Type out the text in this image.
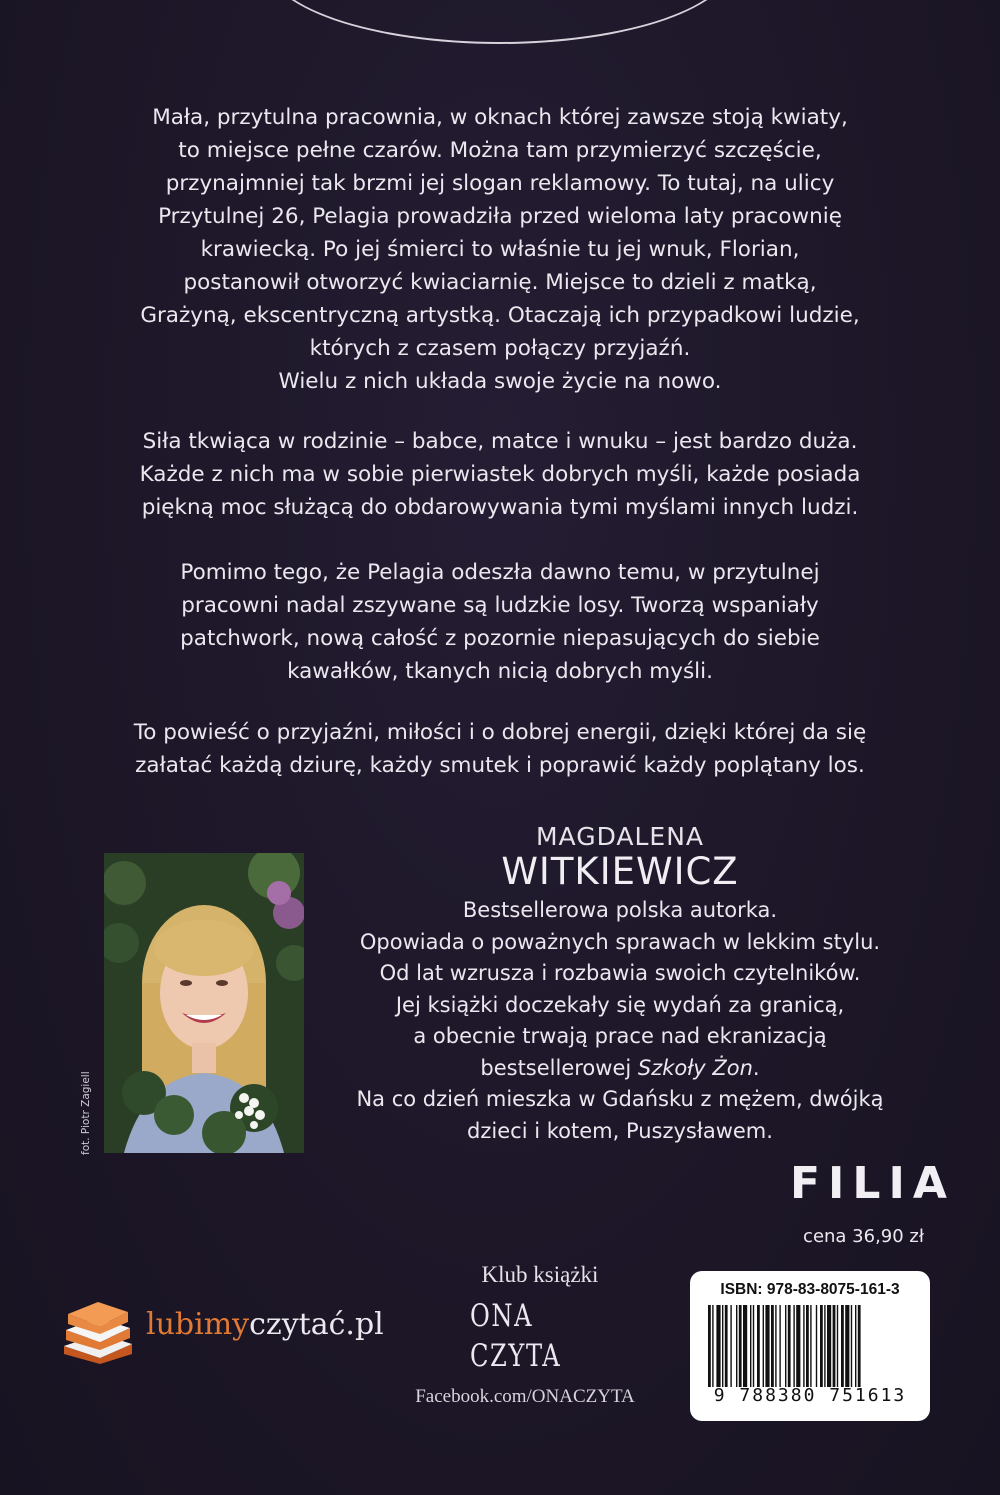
Mała, przytulna pracownia, w oknach której zawsze stoją kwiaty,
to miejsce pełne czarów. Można tam przymierzyć szczęście,
przynajmniej tak brzmi jej slogan reklamowy. To tutaj, na ulicy
Przytulnej 26, Pelagia prowadziła przed wieloma laty pracownię
krawiecką. Po jej śmierci to właśnie tu jej wnuk, Florian,
postanowił otworzyć kwiaciarnię. Miejsce to dzieli z matką,
Grażyną, ekscentryczną artystką. Otaczają ich przypadkowi ludzie,
których z czasem połączy przyjaźń.
Wielu z nich układa swoje życie na nowo.
Siła tkwiąca w rodzinie – babce, matce i wnuku – jest bardzo duża.
Każde z nich ma w sobie pierwiastek dobrych myśli, każde posiada
piękną moc służącą do obdarowywania tymi myślami innych ludzi.
Pomimo tego, że Pelagia odeszła dawno temu, w przytulnej
pracowni nadal zszywane są ludzkie losy. Tworzą wspaniały
patchwork, nową całość z pozornie niepasujących do siebie
kawałków, tkanych nicią dobrych myśli.
To powieść o przyjaźni, miłości i o dobrej energii, dzięki której da się
załatać każdą dziurę, każdy smutek i poprawić każdy poplątany los.
MAGDALENA
WITKIEWICZ
fot. Piotr Zagiell
Bestsellerowa polska autorka.
Opowiada o poważnych sprawach w lekkim stylu.
Od lat wzrusza i rozbawia swoich czytelników.
Jej książki doczekały się wydań za granicą,
a obecnie trwają prace nad ekranizacją
bestsellerowej Szkoły Żon.
Na co dzień mieszka w Gdańsku z mężem, dwójką
dzieci i kotem, Puszysławem.
FILIA
cena 36,90 zł
ISBN: 978-83-8075-161-3
9 788380 751613
lubimyczytać.pl
Klub książki
ONA
CZYTA
Facebook.com/ONACZYTA
